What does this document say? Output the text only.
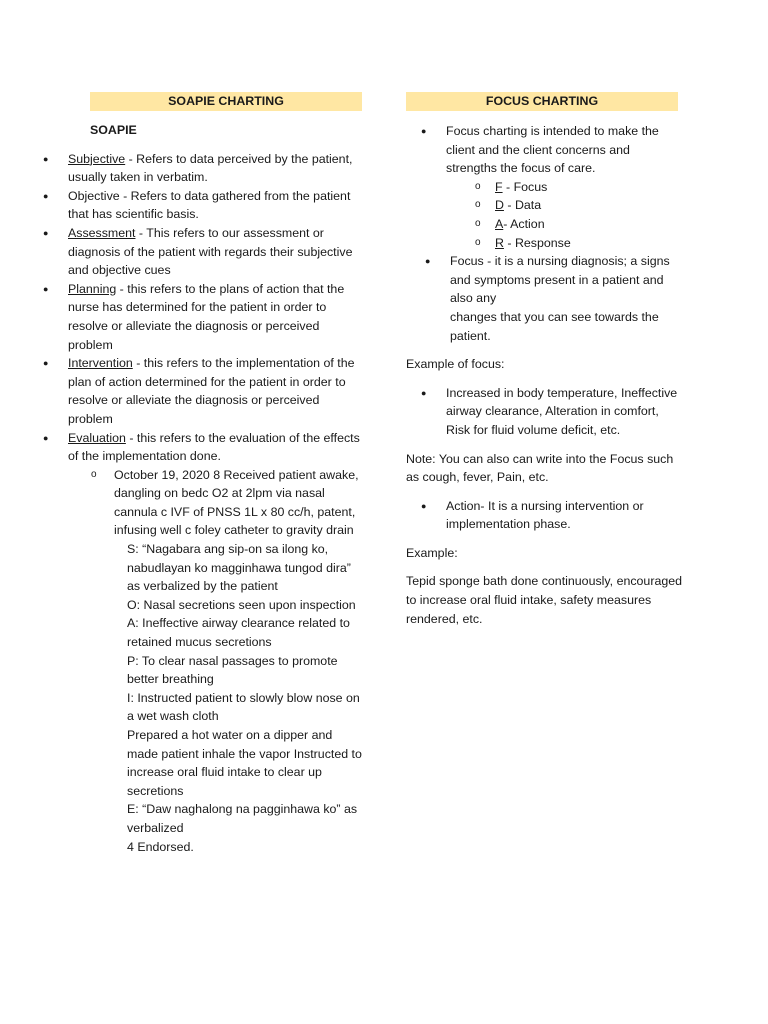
SOAPIE CHARTING
SOAPIE
● Subjective - Refers to data perceived by the patient, usually taken in verbatim.
● Objective - Refers to data gathered from the patient that has scientific basis.
● Assessment - This refers to our assessment or diagnosis of the patient with regards their subjective and objective cues
● Planning - this refers to the plans of action that the nurse has determined for the patient in order to resolve or alleviate the diagnosis or perceived problem
● Intervention - this refers to the implementation of the plan of action determined for the patient in order to resolve or alleviate the diagnosis or perceived problem
● Evaluation - this refers to the evaluation of the effects of the implementation done.
o October 19, 2020 8 Received patient awake, dangling on bedc O2 at 2lpm via nasal cannula c IVF of PNSS 1L x 80 cc/h, patent, infusing well c foley catheter to gravity drain
S: “Nagabara ang sip-on sa ilong ko, nabudlayan ko magginhawa tungod dira” as verbalized by the patient
O: Nasal secretions seen upon inspection
A: Ineffective airway clearance related to retained mucus secretions
P: To clear nasal passages to promote better breathing
I: Instructed patient to slowly blow nose on a wet wash cloth
Prepared a hot water on a dipper and made patient inhale the vapor Instructed to increase oral fluid intake to clear up secretions
E: “Daw naghalong na pagginhawa ko” as verbalized
4 Endorsed.
FOCUS CHARTING
● Focus charting is intended to make the client and the client concerns and strengths the focus of care.
o F - Focus
o D - Data
o A- Action
o R - Response
● Focus - it is a nursing diagnosis; a signs and symptoms present in a patient and also any
changes that you can see towards the patient.
Example of focus:
● Increased in body temperature, Ineffective airway clearance, Alteration in comfort, Risk for fluid volume deficit, etc.
Note: You can also can write into the Focus such as cough, fever, Pain, etc.
● Action- It is a nursing intervention or implementation phase.
Example:
Tepid sponge bath done continuously, encouraged to increase oral fluid intake, safety measures rendered, etc.
